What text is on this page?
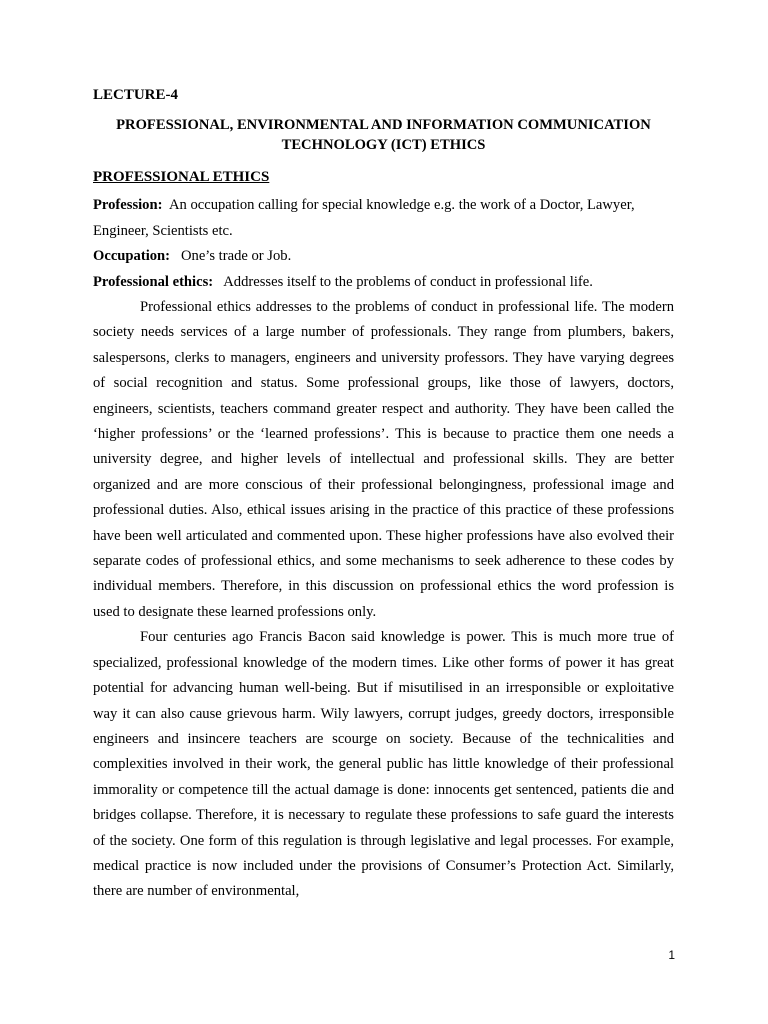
LECTURE-4
PROFESSIONAL, ENVIRONMENTAL AND INFORMATION COMMUNICATION
TECHNOLOGY (ICT) ETHICS
PROFESSIONAL ETHICS

Profession: An occupation calling for special knowledge e.g. the work of a Doctor, Lawyer, Engineer, Scientists etc.

Occupation: One’s trade or Job.

Professional ethics: Addresses itself to the problems of conduct in professional life.

Professional ethics addresses to the problems of conduct in professional life. The modern society needs services of a large number of professionals. They range from plumbers, bakers, salespersons, clerks to managers, engineers and university professors. They have varying degrees of social recognition and status. Some professional groups, like those of lawyers, doctors, engineers, scientists, teachers command greater respect and authority. They have been called the ‘higher professions’ or the ‘learned professions’. This is because to practice them one needs a university degree, and higher levels of intellectual and professional skills. They are better organized and are more conscious of their professional belongingness, professional image and professional duties. Also, ethical issues arising in the practice of this practice of these professions have been well articulated and commented upon. These higher professions have also evolved their separate codes of professional ethics, and some mechanisms to seek adherence to these codes by individual members. Therefore, in this discussion on professional ethics the word profession is used to designate these learned professions only.

Four centuries ago Francis Bacon said knowledge is power. This is much more true of specialized, professional knowledge of the modern times. Like other forms of power it has great potential for advancing human well-being. But if misutilised in an irresponsible or exploitative way it can also cause grievous harm. Wily lawyers, corrupt judges, greedy doctors, irresponsible engineers and insincere teachers are scourge on society. Because of the technicalities and complexities involved in their work, the general public has little knowledge of their professional immorality or competence till the actual damage is done: innocents get sentenced, patients die and bridges collapse. Therefore, it is necessary to regulate these professions to safe guard the interests of the society. One form of this regulation is through legislative and legal processes. For example, medical practice is now included under the provisions of Consumer’s Protection Act. Similarly, there are number of environmental,

1
